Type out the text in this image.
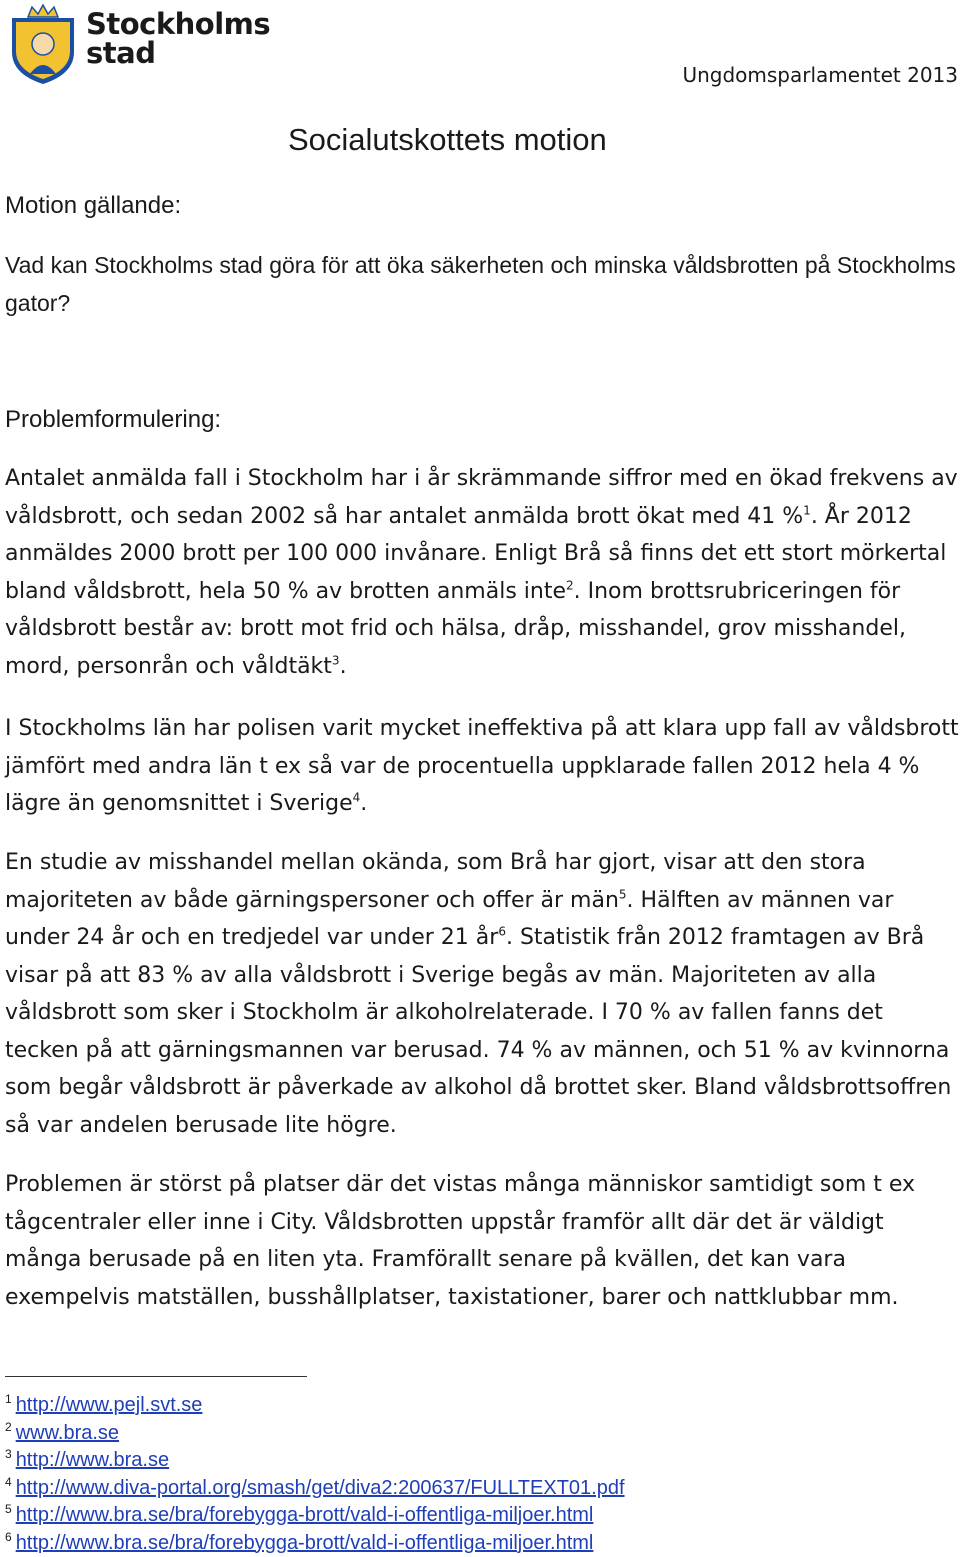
Stockholms
stad
Ungdomsparlamentet 2013
Socialutskottets motion
Motion gällande:
Vad kan Stockholms stad göra för att öka säkerheten och minska våldsbrotten på Stockholms gator?
Problemformulering:
Antalet anmälda fall i Stockholm har i år skrämmande siffror med en ökad frekvens av våldsbrott, och sedan 2002 så har antalet anmälda brott ökat med 41 %$^1$. År 2012 anmäldes 2000 brott per 100 000 invånare. Enligt Brå så finns det ett stort mörkertal bland våldsbrott, hela 50 % av brotten anmäls inte$^2$. Inom brottsrubriceringen för våldsbrott består av: brott mot frid och hälsa, dråp, misshandel, grov misshandel, mord, personrån och våldtäkt$^3$.
I Stockholms län har polisen varit mycket ineffektiva på att klara upp fall av våldsbrott jämfört med andra län t ex så var de procentuella uppklarade fallen 2012 hela 4 % lägre än genomsnittet i Sverige$^4$.
En studie av misshandel mellan okända, som Brå har gjort, visar att den stora majoriteten av både gärningspersoner och offer är män$^5$. Hälften av männen var under 24 år och en tredjedel var under 21 $år^6$. Statistik från 2012 framtagen av Brå visar på att 83 % av alla våldsbrott i Sverige begås av män. Majoriteten av alla våldsbrott som sker i Stockholm är alkoholrelaterade. I 70 % av fallen fanns det tecken på att gärningsmannen var berusad. 74 % av männen, och 51 % av kvinnorna som begår våldsbrott är påverkade av alkohol då brottet sker. Bland våldsbrottsoffren så var andelen berusade lite högre.
Problemen är störst på platser där det vistas många människor samtidigt som t ex tågcentraler eller inne i City. Våldsbrotten uppstår framför allt där det är väldigt många berusade på en liten yta. Framförallt senare på kvällen, det kan vara exempelvis matställen, busshållplatser, taxistationer, barer och nattklubbar mm.
$^1$ http://www.pejl.svt.se
$^2$ www.bra.se
$^3$ http://www.bra.se
$^4$ http://www.diva-portal.org/smash/get/diva2:200637/FULLTEXT01.pdf
$^5$ http://www.bra.se/bra/forebygga-brott/vald-i-offentliga-miljoer.html
$^6$ http://www.bra.se/bra/forebygga-brott/vald-i-offentliga-miljoer.html
